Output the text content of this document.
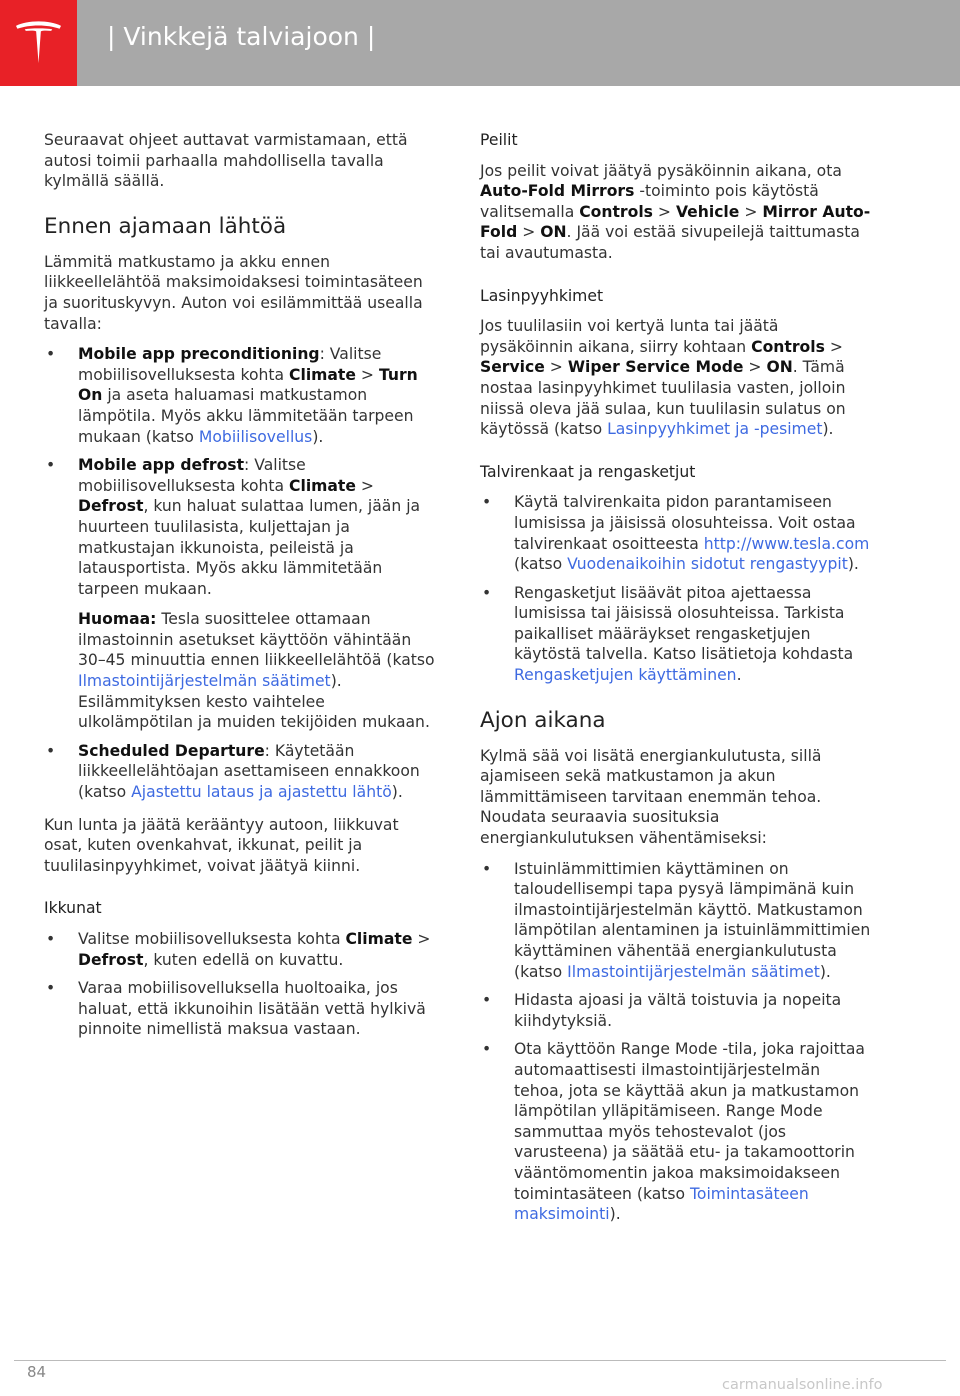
| Vinkkejä talviajoon |

Seuraavat ohjeet auttavat varmistamaan, että autosi toimii parhaalla mahdollisella tavalla kylmällä säällä.

Ennen ajamaan lähtöä

Lämmitä matkustamo ja akku ennen liikkeellelähtöä maksimoidaksesi toimintasäteen ja suorituskyvyn. Auton voi esilämmittää usealla tavalla:

• Mobile app preconditioning: Valitse mobiilisovelluksesta kohta Climate > Turn On ja aseta haluamasi matkustamon lämpötila. Myös akku lämmitetään tarpeen mukaan (katso Mobiilisovellus).
• Mobile app defrost: Valitse mobiilisovelluksesta kohta Climate > Defrost, kun haluat sulattaa lumen, jään ja huurteen tuulilasista, kuljettajan ja matkustajan ikkunoista, peileistä ja latausportista. Myös akku lämmitetään tarpeen mukaan.
Huomaa: Tesla suosittelee ottamaan ilmastoinnin asetukset käyttöön vähintään 30–45 minuuttia ennen liikkeellelähtöä (katso Ilmastointijärjestelmän säätimet). Esilämmityksen kesto vaihtelee ulkolämpötilan ja muiden tekijöiden mukaan.
• Scheduled Departure: Käytetään liikkeellelähtöajan asettamiseen ennakkoon (katso Ajastettu lataus ja ajastettu lähtö).

Kun lunta ja jäätä kerääntyy autoon, liikkuvat osat, kuten ovenkahvat, ikkunat, peilit ja tuulilasinpyyhkimet, voivat jäätyä kiinni.

Ikkunat
• Valitse mobiilisovelluksesta kohta Climate > Defrost, kuten edellä on kuvattu.
• Varaa mobiilisovelluksella huoltoaika, jos haluat, että ikkunoihin lisätään vettä hylkivä pinnoite nimellistä maksua vastaan.
Peilit

Jos peilit voivat jäätyä pysäköinnin aikana, ota Auto-Fold Mirrors -toiminto pois käytöstä valitsemalla Controls > Vehicle > Mirror Auto-Fold > ON. Jää voi estää sivupeilejä taittumasta tai avautumasta.

Lasinpyyhkimet

Jos tuulilasiin voi kertyä lunta tai jäätä pysäköinnin aikana, siirry kohtaan Controls > Service > Wiper Service Mode > ON. Tämä nostaa lasinpyyhkimet tuulilasia vasten, jolloin niissä oleva jää sulaa, kun tuulilasin sulatus on käytössä (katso Lasinpyyhkimet ja -pesimet).

Talvirenkaat ja rengasketjut
• Käytä talvirenkaita pidon parantamiseen lumisissa ja jäisissä olosuhteissa. Voit ostaa talvirenkaat osoitteesta http://www.tesla.com (katso Vuodenaikoihin sidotut rengastyypit).
• Rengasketjut lisäävät pitoa ajettaessa lumisissa tai jäisissä olosuhteissa. Tarkista paikalliset määräykset rengasketjujen käytöstä talvella. Katso lisätietoja kohdasta Rengasketjujen käyttäminen.
Ajon aikana

Kylmä sää voi lisätä energiankulutusta, sillä ajamiseen sekä matkustamon ja akun lämmittämiseen tarvitaan enemmän tehoa. Noudata seuraavia suosituksia energiankulutuksen vähentämiseksi:

• Istuinlämmittimien käyttäminen on taloudellisempi tapa pysyä lämpimänä kuin ilmastointijärjestelmän käyttö. Matkustamon lämpötilan alentaminen ja istuinlämmittimien käyttäminen vähentää energiankulutusta (katso Ilmastointijärjestelmän säätimet).
• Hidasta ajoasi ja vältä toistuvia ja nopeita kiihdytyksiä.
• Ota käyttöön Range Mode -tila, joka rajoittaa automaattisesti ilmastointijärjestelmän tehoa, jota se käyttää akun ja matkustamon lämpötilan ylläpitämiseen. Range Mode sammuttaa myös tehostevalot (jos varusteena) ja säätää etu- ja takamoottorin vääntömomentin jakoa maksimoidakseen toimintasäteen (katso Toimintasäteen maksimointi).
84
carmanualsonline.info
